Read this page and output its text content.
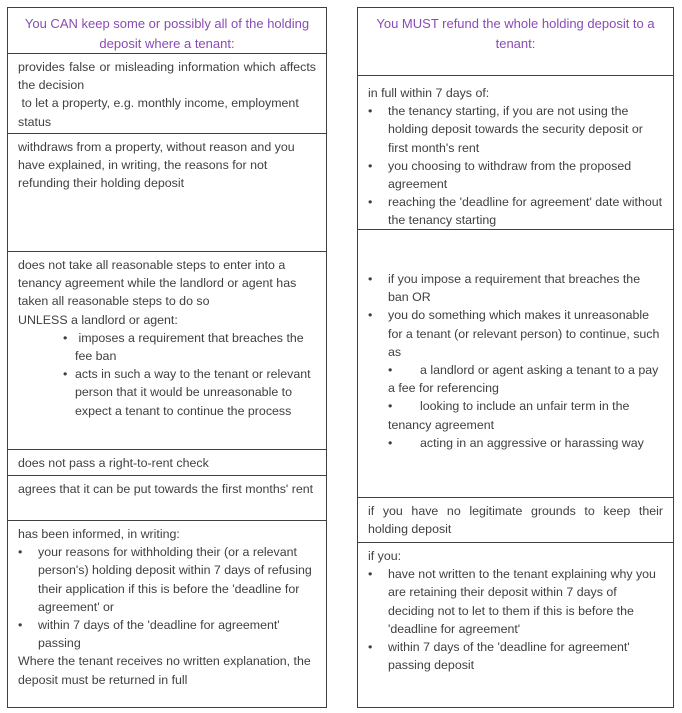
You CAN keep some or possibly all of the holding deposit where a tenant:
provides false or misleading information which affects the decision
to let a property, e.g. monthly income, employment status
withdraws from a property, without reason and you have explained, in writing, the reasons for not refunding their holding deposit
does not take all reasonable steps to enter into a tenancy agreement while the landlord or agent has taken all reasonable steps to do so
UNLESS a landlord or agent:
•  imposes a requirement that breaches the fee ban
• acts in such a way to the tenant or relevant person that it would be unreasonable to expect a tenant to continue the process
does not pass a right-to-rent check
agrees that it can be put towards the first months' rent
has been informed, in writing:
• your reasons for withholding their (or a relevant person's) holding deposit within 7 days of refusing their application if this is before the 'deadline for agreement' or
• within 7 days of the 'deadline for agreement' passing
Where the tenant receives no written explanation, the deposit must be returned in full
You MUST refund the whole holding deposit to a tenant:
in full within 7 days of:
• the tenancy starting, if you are not using the holding deposit towards the security deposit or first month's rent
• you choosing to withdraw from the proposed agreement
• reaching the 'deadline for agreement' date without the tenancy starting
• if you impose a requirement that breaches the ban OR
• you do something which makes it unreasonable for a tenant (or relevant person) to continue, such as
• a landlord or agent asking a tenant to a pay a fee for referencing
• looking to include an unfair term in the tenancy agreement
• acting in an aggressive or harassing way
if you have no legitimate grounds to keep their holding deposit
if you:
• have not written to the tenant explaining why you are retaining their deposit within 7 days of deciding not to let to them if this is before the 'deadline for agreement'
• within 7 days of the 'deadline for agreement' passing deposit
